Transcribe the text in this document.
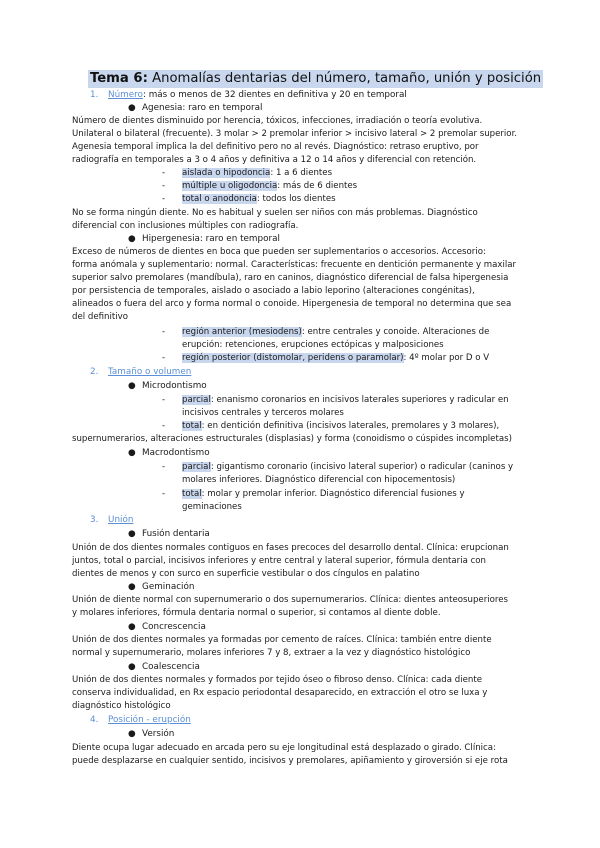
Tema 6: Anomalías dentarias del número, tamaño, unión y posición
1. Número: más o menos de 32 dientes en definitiva y 20 en temporal
● Agenesia: raro en temporal
Número de dientes disminuido por herencia, tóxicos, infecciones, irradiación o teoría evolutiva.
Unilateral o bilateral (frecuente). 3 molar > 2 premolar inferior > incisivo lateral > 2 premolar superior.
Agenesia temporal implica la del definitivo pero no al revés. Diagnóstico: retraso eruptivo, por
radiografía en temporales a 3 o 4 años y definitiva a 12 o 14 años y diferencial con retención.
- aislada o hipodoncia: 1 a 6 dientes
- múltiple u oligodoncia: más de 6 dientes
- total o anodoncia: todos los dientes
No se forma ningún diente. No es habitual y suelen ser niños con más problemas. Diagnóstico
diferencial con inclusiones múltiples con radiografía.
● Hipergenesia: raro en temporal
Exceso de números de dientes en boca que pueden ser suplementarios o accesorios. Accesorio:
forma anómala y suplementario: normal. Características: frecuente en dentición permanente y maxilar
superior salvo premolares (mandíbula), raro en caninos, diagnóstico diferencial de falsa hipergenesia
por persistencia de temporales, aislado o asociado a labio leporino (alteraciones congénitas),
alineados o fuera del arco y forma normal o conoide. Hipergenesia de temporal no determina que sea
del definitivo
- región anterior (mesiodens): entre centrales y conoide. Alteraciones de
erupción: retenciones, erupciones ectópicas y malposiciones
- región posterior (distomolar, peridens o paramolar): 4º molar por D o V
2. Tamaño o volumen
● Microdontismo
- parcial: enanismo coronarios en incisivos laterales superiores y radicular en
incisivos centrales y terceros molares
- total: en dentición definitiva (incisivos laterales, premolares y 3 molares),
supernumerarios, alteraciones estructurales (displasias) y forma (conoidismo o cúspides incompletas)
● Macrodontismo
- parcial: gigantismo coronario (incisivo lateral superior) o radicular (caninos y
molares inferiores. Diagnóstico diferencial con hipocementosis)
- total: molar y premolar inferior. Diagnóstico diferencial fusiones y
geminaciones
3. Unión
● Fusión dentaria
Unión de dos dientes normales contiguos en fases precoces del desarrollo dental. Clínica: erupcionan
juntos, total o parcial, incisivos inferiores y entre central y lateral superior, fórmula dentaria con
dientes de menos y con surco en superficie vestibular o dos cíngulos en palatino
● Geminación
Unión de diente normal con supernumerario o dos supernumerarios. Clínica: dientes anteosuperiores
y molares inferiores, fórmula dentaria normal o superior, si contamos al diente doble.
● Concrescencia
Unión de dos dientes normales ya formadas por cemento de raíces. Clínica: también entre diente
normal y supernumerario, molares inferiores 7 y 8, extraer a la vez y diagnóstico histológico
● Coalescencia
Unión de dos dientes normales y formados por tejido óseo o fibroso denso. Clínica: cada diente
conserva individualidad, en Rx espacio periodontal desaparecido, en extracción el otro se luxa y
diagnóstico histológico
4. Posición - erupción
● Versión
Diente ocupa lugar adecuado en arcada pero su eje longitudinal está desplazado o girado. Clínica:
puede desplazarse en cualquier sentido, incisivos y premolares, apiñamiento y giroversión si eje rota
